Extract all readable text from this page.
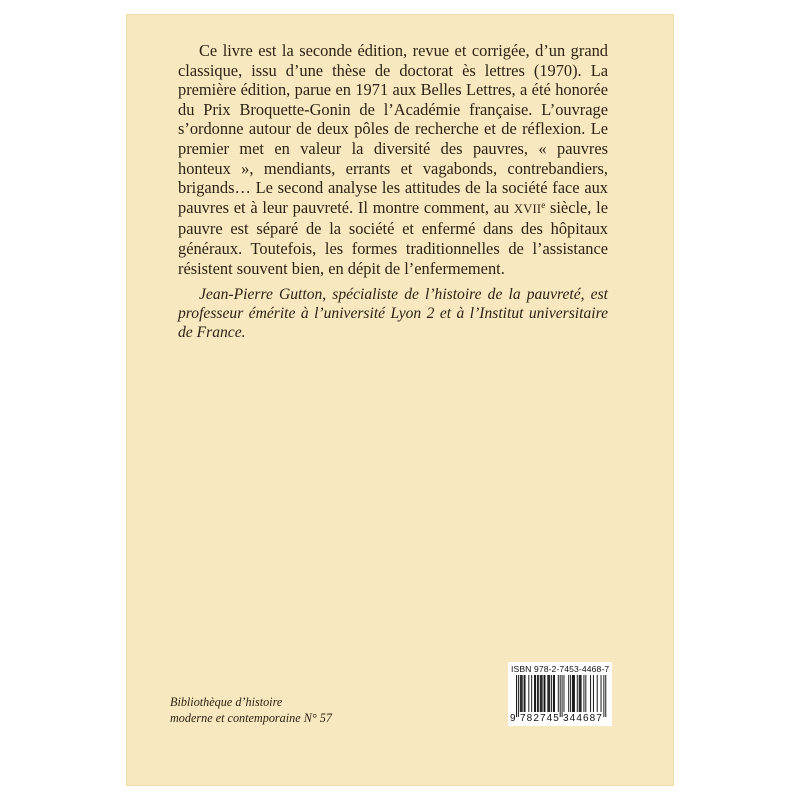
Ce livre est la seconde édition, revue et corrigée, d’un grand classique, issu d’une thèse de doctorat ès lettres (1970). La première édition, parue en 1971 aux Belles Lettres, a été honorée du Prix Broquette-Gonin de l’Académie française. L’ouvrage s’ordonne autour de deux pôles de recherche et de réflexion. Le premier met en valeur la diversité des pauvres, « pauvres honteux », mendiants, errants et vagabonds, contrebandiers, brigands… Le second analyse les attitudes de la société face aux pauvres et à leur pauvreté. Il montre comment, au XVIIe siècle, le pauvre est séparé de la société et enfermé dans des hôpitaux généraux. Toutefois, les formes traditionnelles de l’assistance résistent souvent bien, en dépit de l’enfermement.

Jean-Pierre Gutton, spécialiste de l’histoire de la pauvreté, est professeur émérite à l’université Lyon 2 et à l’Institut universitaire de France.

Bibliothèque d’histoire
moderne et contemporaine N° 57
ISBN 978-2-7453-4468-7
9 782745 344687
